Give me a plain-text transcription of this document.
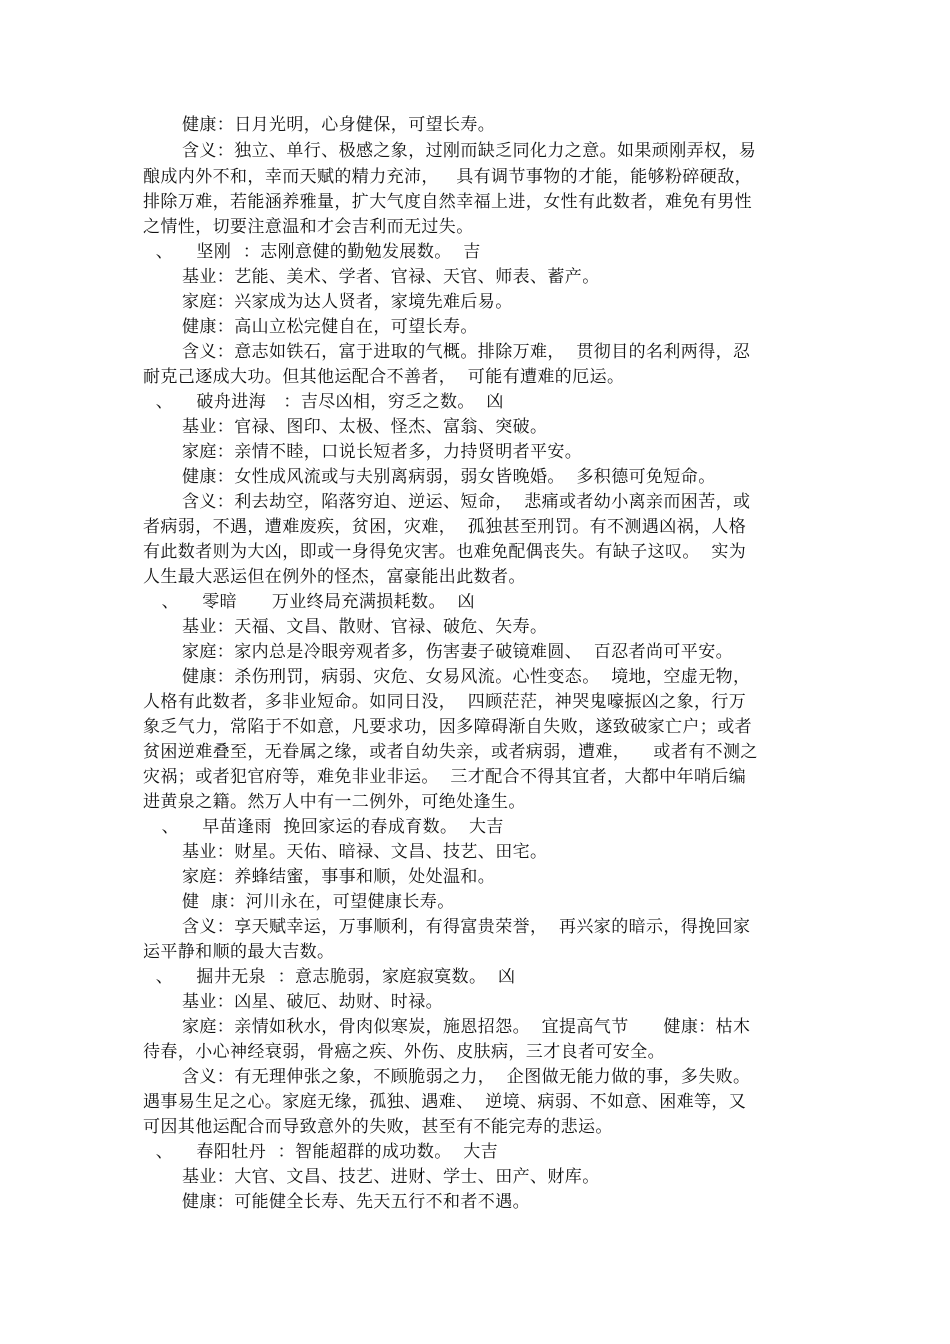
健康：日月光明，心身健保，可望长寿。

含义：独立、单行、极感之象，过刚而缺乏同化力之意。如果顽刚弄权，易

酿成内外不和，幸而天赋的精力充沛，   具有调节事物的才能，能够粉碎硬敌，

排除万难，若能涵养雅量，扩大气度自然幸福上进，女性有此数者，难免有男性

之情性，切要注意温和才会吉利而无过失。

、    坚刚  ：志刚意健的勤勉发展数。  吉

基业：艺能、美术、学者、官禄、天官、师表、蓄产。

家庭：兴家成为达人贤者，家境先难后易。

健康：高山立松完健自在，可望长寿。

含义：意志如铁石，富于进取的气概。排除万难，  贯彻目的名利两得，忍

耐克己逐成大功。但其他运配合不善者，  可能有遭难的厄运。

、    破舟进海   ：吉尽凶相，穷乏之数。  凶

基业：官禄、图印、太极、怪杰、富翁、突破。

家庭：亲情不睦，口说长短者多，力持贤明者平安。

健康：女性成风流或与夫别离病弱，弱女皆晚婚。  多积德可免短命。

含义：利去劫空，陷落穷迫、逆运、短命，  悲痛或者幼小离亲而困苦，或

者病弱，不遇，遭难废疾，贫困，灾难，  孤独甚至刑罚。有不测遇凶祸，人格

有此数者则为大凶，即或一身得免灾害。也难免配偶丧失。有缺子这叹。  实为

人生最大恶运但在例外的怪杰，富豪能出此数者。

、    零暗      万业终局充满损耗数。  凶

基业：天福、文昌、散财、官禄、破危、矢寿。

家庭：家内总是冷眼旁观者多，伤害妻子破镜难圆、  百忍者尚可平安。

健康：杀伤刑罚，病弱、灾危、女易风流。心性变态。  境地，空虚无物，

人格有此数者，多非业短命。如同日没，  四顾茫茫，神哭鬼嚎振凶之象，行万

象乏气力，常陷于不如意，凡要求功，因多障碍渐自失败，遂致破家亡户；或者

贫困逆难叠至，无眷属之缘，或者自幼失亲，或者病弱，遭难，    或者有不测之

灾祸；或者犯官府等，难免非业非运。  三才配合不得其宜者，大都中年哨后编

进黄泉之籍。然万人中有一二例外，可绝处逢生。

、    早苗逢雨  挽回家运的春成育数。  大吉

基业：财星。天佑、暗禄、文昌、技艺、田宅。

家庭：养蜂结蜜，事事和顺，处处温和。

健  康：河川永在，可望健康长寿。

含义：享天赋幸运，万事顺利，有得富贵荣誉，  再兴家的暗示，得挽回家

运平静和顺的最大吉数。

、    掘井无泉  ：意志脆弱，家庭寂寞数。  凶

基业：凶星、破厄、劫财、时禄。

家庭：亲情如秋水，骨肉似寒炭，施恩招怨。  宜提高气节      健康：枯木

待春，小心神经衰弱，骨癌之疾、外伤、皮肤病，三才良者可安全。

含义：有无理伸张之象，不顾脆弱之力，  企图做无能力做的事，多失败。

遇事易生足之心。家庭无缘，孤独、遇难、  逆境、病弱、不如意、困难等，又

可因其他运配合而导致意外的失败，甚至有不能完寿的悲运。

、    春阳牡丹  ：智能超群的成功数。  大吉

基业：大官、文昌、技艺、进财、学士、田产、财库。

健康：可能健全长寿、先天五行不和者不遇。
